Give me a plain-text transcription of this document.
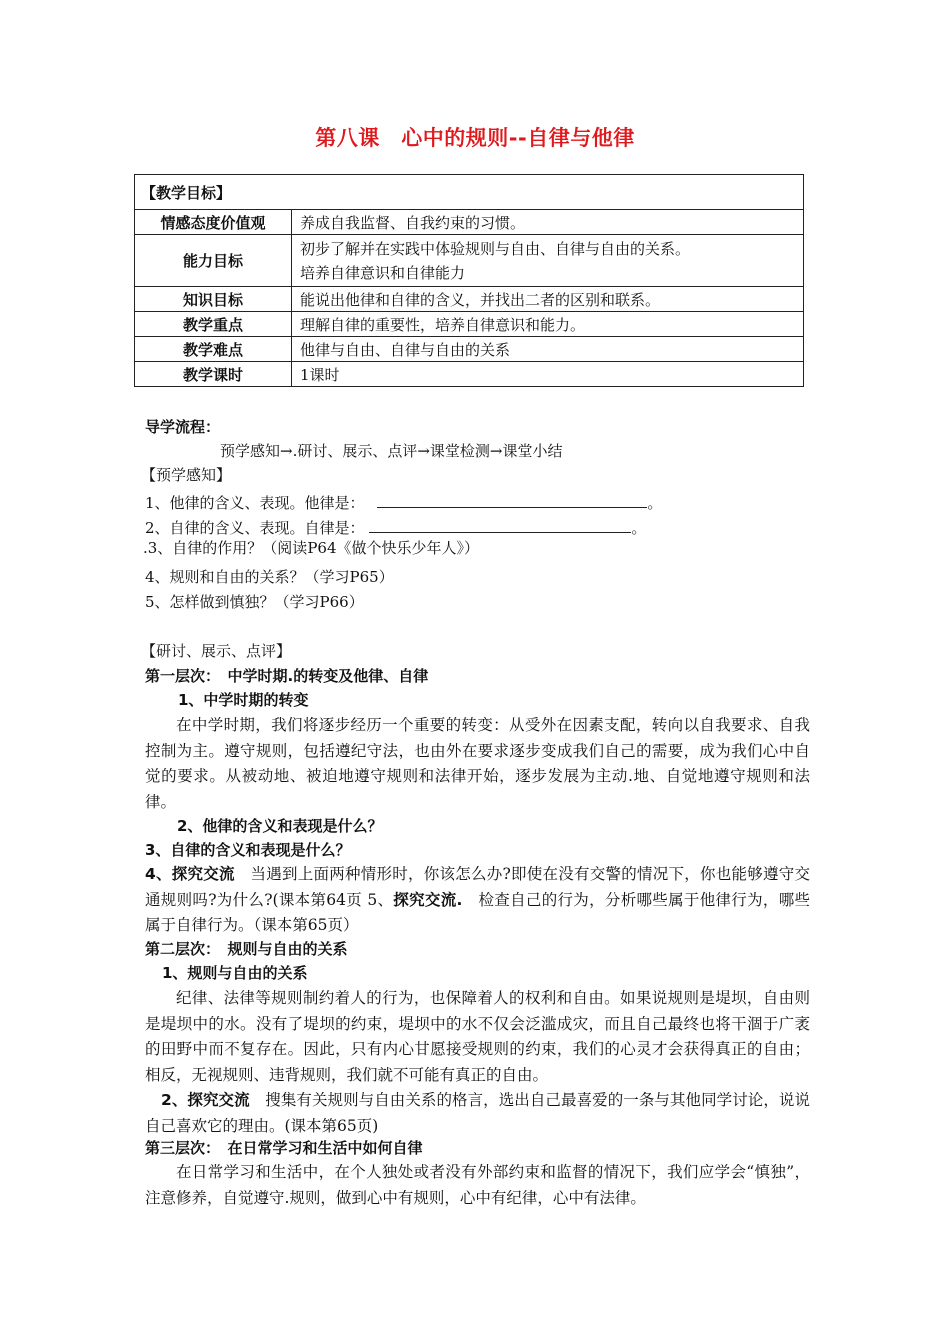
第八课　心中的规则--自律与他律
【教学目标】	
情感态度价值观	养成自我监督、自我约束的习惯。
能力目标	初步了解并在实践中体验规则与自由、自律与自由的关系。
培养自律意识和自律能力

知识目标	能说出他律和自律的含义，并找出二者的区别和联系。
教学重点	理解自律的重要性，培养自律意识和能力。
教学难点	他律与自由、自律与自由的关系
教学课时	1课时
导学流程：
预学感知→.研讨、展示、点评→课堂检测→课堂小结
【预学感知】
1、他律的含义、表现。他律是：	。
2、自律的含义、表现。自律是：	。
.3、自律的作用？（阅读P64《做个快乐少年人》）
4、规则和自由的关系？（学习P65）
5、怎样做到慎独？（学习P66）
【研讨、展示、点评】
第一层次：　中学时期.的转变及他律、自律
1、中学时期的转变
在中学时期，我们将逐步经历一个重要的转变：从受外在因素支配，转向以自我要求、自我控制为主。遵守规则，包括遵纪守法，也由外在要求逐步变成我们自己的需要，成为我们心中自觉的要求。从被动地、被迫地遵守规则和法律开始，逐步发展为主动.地、自觉地遵守规则和法律。
2、他律的含义和表现是什么？
3、自律的含义和表现是什么？
4、探究交流　当遇到上面两种情形时，你该怎么办?即使在没有交警的情况下，你也能够遵守交通规则吗?为什么?(课本第64页 5、探究交流.　检查自己的行为，分析哪些属于他律行为，哪些属于自律行为。（课本第65页）
第二层次：　规则与自由的关系
1、规则与自由的关系
纪律、法律等规则制约着人的行为，也保障着人的权利和自由。如果说规则是堤坝，自由则是堤坝中的水。没有了堤坝的约束，堤坝中的水不仅会泛滥成灾，而且自己最终也将干涸于广袤的田野中而不复存在。因此，只有内心甘愿接受规则的约束，我们的心灵才会获得真正的自由；相反，无视规则、违背规则，我们就不可能有真正的自由。
2、探究交流　搜集有关规则与自由关系的格言，选出自己最喜爱的一条与其他同学讨论，说说自己喜欢它的理由。(课本第65页)
第三层次：　在日常学习和生活中如何自律
在日常学习和生活中，在个人独处或者没有外部约束和监督的情况下，我们应学会“慎独”，注意修养，自觉遵守.规则，做到心中有规则，心中有纪律，心中有法律。
